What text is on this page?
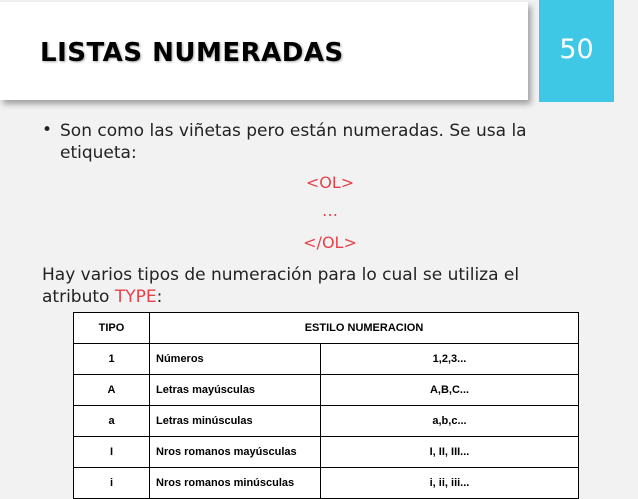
LISTAS NUMERADAS	50
• Son como las viñetas pero están numeradas. Se usa la
etiqueta:
<OL>
…
</OL>
Hay varios tipos de numeración para lo cual se utiliza el
atributo TYPE:
TIPO	ESTILO NUMERACION	
1	Números	1,2,3...
A	Letras mayúsculas	A,B,C...
a	Letras minúsculas	a,b,c...
I	Nros romanos mayúsculas	I, II, III...
i	Nros romanos minúsculas	i, ii, iii...
